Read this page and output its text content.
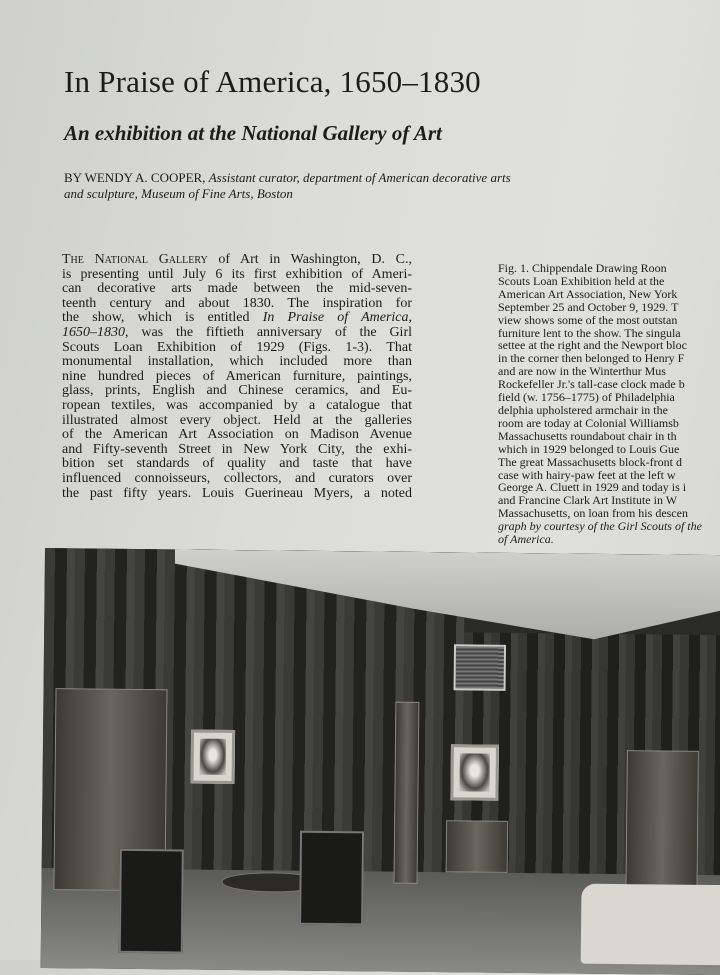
In Praise of America, 1650–1830
An exhibition at the National Gallery of Art
BY WENDY A. COOPER, Assistant curator, department of American decorative arts
and sculpture, Museum of Fine Arts, Boston
The National Gallery of Art in Washington, D. C.,
is presenting until July 6 its first exhibition of Ameri-
can decorative arts made between the mid-seven-
teenth century and about 1830. The inspiration for
the show, which is entitled In Praise of America,
1650–1830, was the fiftieth anniversary of the Girl
Scouts Loan Exhibition of 1929 (Figs. 1-3). That
monumental installation, which included more than
nine hundred pieces of American furniture, paintings,
glass, prints, English and Chinese ceramics, and Eu-
ropean textiles, was accompanied by a catalogue that
illustrated almost every object. Held at the galleries
of the American Art Association on Madison Avenue
and Fifty-seventh Street in New York City, the exhi-
bition set standards of quality and taste that have
influenced connoisseurs, collectors, and curators over
the past fifty years. Louis Guerineau Myers, a noted
Fig. 1. Chippendale Drawing Roon
Scouts Loan Exhibition held at the
American Art Association, New York
September 25 and October 9, 1929. T
view shows some of the most outstan
furniture lent to the show. The singula
settee at the right and the Newport bloc
in the corner then belonged to Henry F
and are now in the Winterthur Mus
Rockefeller Jr.'s tall-case clock made b
field (w. 1756–1775) of Philadelphia
delphia upholstered armchair in the
room are today at Colonial Williamsb
Massachusetts roundabout chair in th
which in 1929 belonged to Louis Gue
The great Massachusetts block-front d
case with hairy-paw feet at the left w
George A. Cluett in 1929 and today is i
and Francine Clark Art Institute in W
Massachusetts, on loan from his descen
graph by courtesy of the Girl Scouts of the
of America.
